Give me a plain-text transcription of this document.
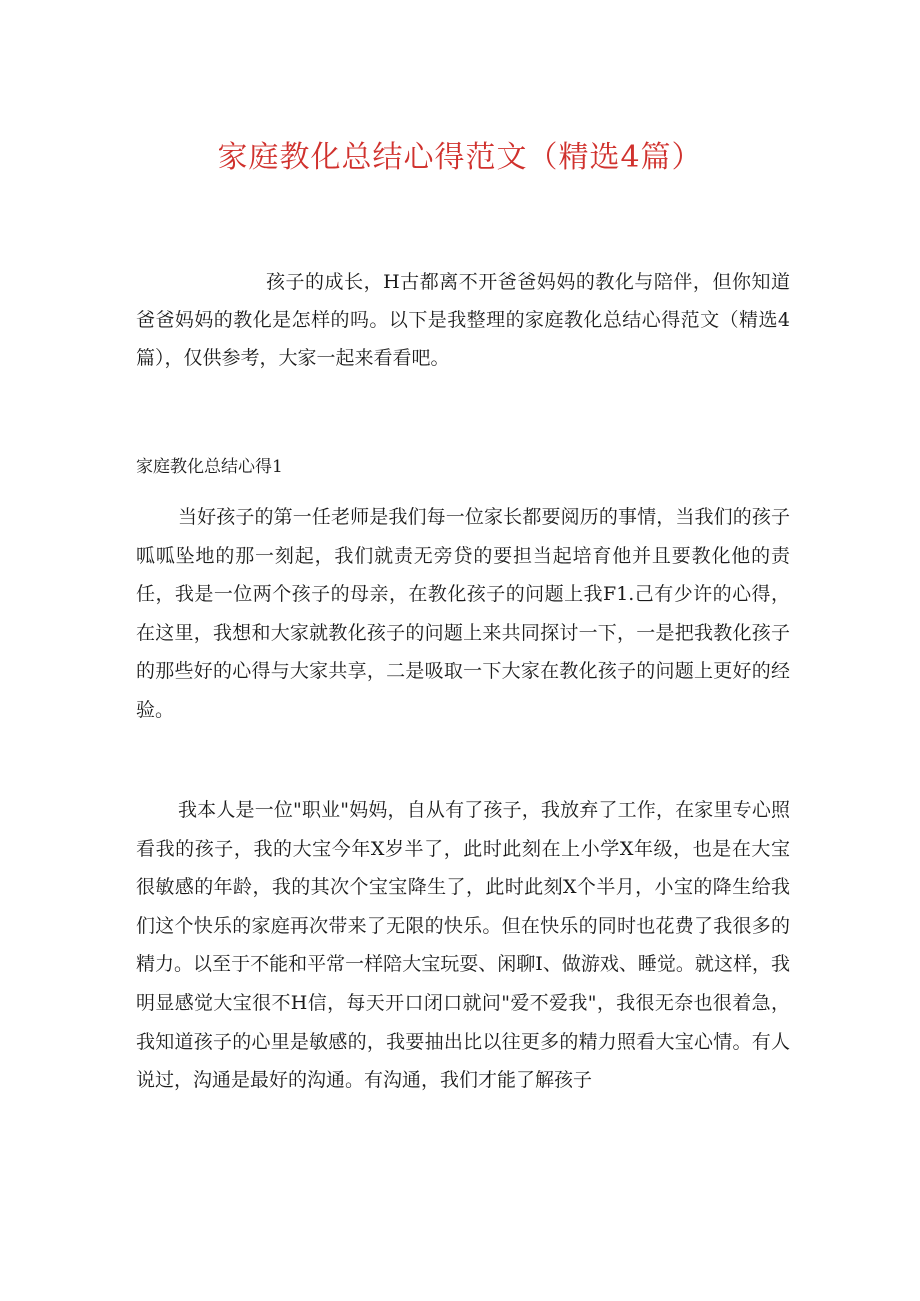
家庭教化总结心得范文（精选4篇）

孩子的成长，H古都离不开爸爸妈妈的教化与陪伴，但你知道爸爸妈妈的教化是怎样的吗。以下是我整理的家庭教化总结心得范文（精选4篇），仅供参考，大家一起来看看吧。

家庭教化总结心得1

当好孩子的第一任老师是我们每一位家长都要阅历的事情，当我们的孩子呱呱坠地的那一刻起，我们就责无旁贷的要担当起培育他并且要教化他的责任，我是一位两个孩子的母亲，在教化孩子的问题上我F1.己有少许的心得，在这里，我想和大家就教化孩子的问题上来共同探讨一下，一是把我教化孩子的那些好的心得与大家共享，二是吸取一下大家在教化孩子的问题上更好的经验。

我本人是一位"职业"妈妈，自从有了孩子，我放弃了工作，在家里专心照看我的孩子，我的大宝今年X岁半了，此时此刻在上小学X年级，也是在大宝很敏感的年龄，我的其次个宝宝降生了，此时此刻X个半月，小宝的降生给我们这个快乐的家庭再次带来了无限的快乐。但在快乐的同时也花费了我很多的精力。以至于不能和平常一样陪大宝玩耍、闲聊I、做游戏、睡觉。就这样，我明显感觉大宝很不H信，每天开口闭口就问"爱不爱我"，我很无奈也很着急，我知道孩子的心里是敏感的，我要抽出比以往更多的精力照看大宝心情。有人说过，沟通是最好的沟通。有沟通，我们才能了解孩子
